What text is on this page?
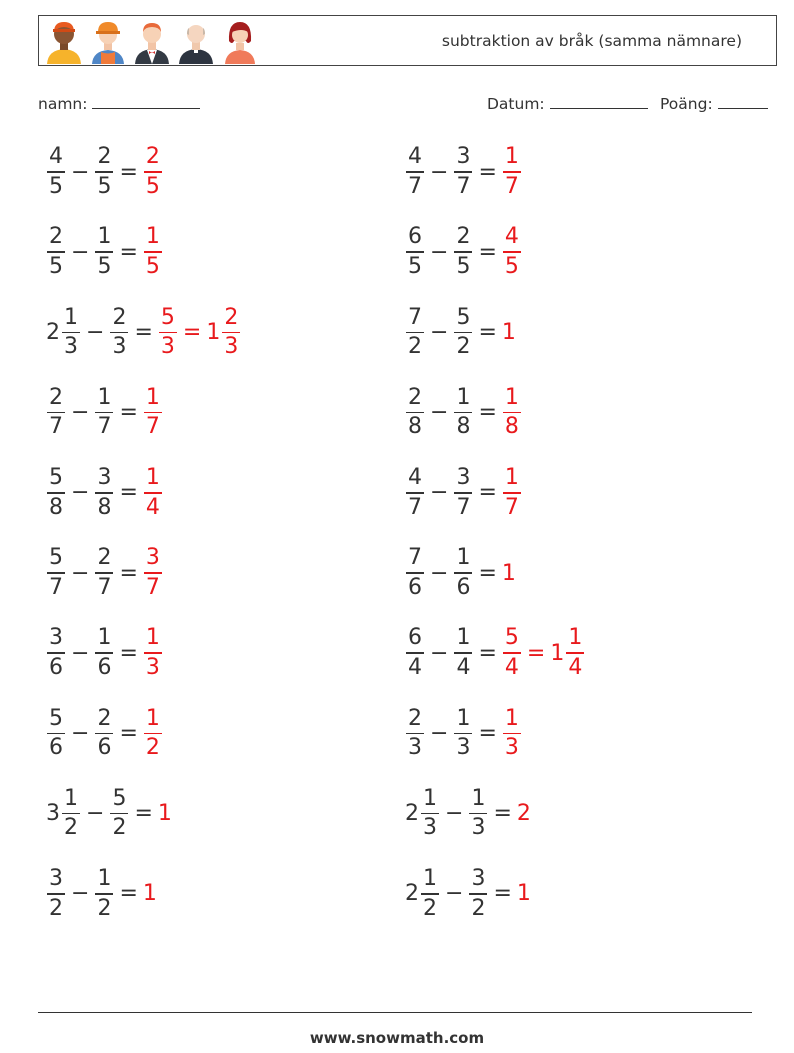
subtraktion av bråk (samma nämnare)
namn:	Datum:	Poäng:
$\frac{4}{5} - \frac{2}{5} = \frac{2}{5}$
$\frac{2}{5} - \frac{1}{5} = \frac{1}{5}$
$2 \frac{1}{3} - \frac{2}{3} = \frac{5}{3} = 1 \frac{2}{3}$
$\frac{2}{7} - \frac{1}{7} = \frac{1}{7}$
$\frac{5}{8} - \frac{3}{8} = \frac{1}{4}$
$\frac{5}{7} - \frac{2}{7} = \frac{3}{7}$
$\frac{3}{6} - \frac{1}{6} = \frac{1}{3}$
$\frac{5}{6} - \frac{2}{6} = \frac{1}{2}$
$3 \frac{1}{2} - \frac{5}{2} = 1$
$\frac{3}{2} - \frac{1}{2} = 1$
$\frac{4}{7} - \frac{3}{7} = \frac{1}{7}$
$\frac{6}{5} - \frac{2}{5} = \frac{4}{5}$
$\frac{7}{2} - \frac{5}{2} = 1$
$\frac{2}{8} - \frac{1}{8} = \frac{1}{8}$
$\frac{4}{7} - \frac{3}{7} = \frac{1}{7}$
$\frac{7}{6} - \frac{1}{6} = 1$
$\frac{6}{4} - \frac{1}{4} = \frac{5}{4} = 1 \frac{1}{4}$
$\frac{2}{3} - \frac{1}{3} = \frac{1}{3}$
$2 \frac{1}{3} - \frac{1}{3} = 2$
$2 \frac{1}{2} - \frac{3}{2} = 1$
www.snowmath.com
